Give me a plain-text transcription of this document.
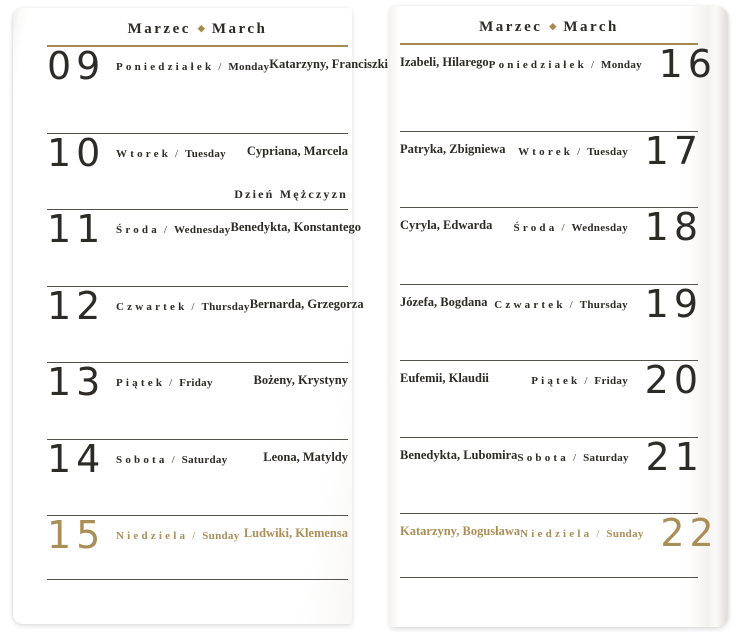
Marzec ◆ March
09 Poniedziałek / Monday Katarzyny, Franciszki
10 Wtorek / Tuesday	Cypriana, Marcela
Dzień Mężczyzn
11 Środa / Wednesday Benedykta, Konstantego
12 Czwartek / Thursday Bernarda, Grzegorza
13 Piątek / Friday	Bożeny, Krystyny
14 Sobota / Saturday	Leona, Matyldy
15 Niedziela / Sunday Ludwiki, Klemensa
Marzec ◆ March
Izabeli, Hilarego Poniedziałek / Monday 16
Patryka, Zbigniewa	Wtorek / Tuesday 17
Cyryla, Edwarda	Środa / Wednesday 18
Józefa, Bogdana Czwartek / Thursday 19
Eufemii, Klaudii	Piątek / Friday 20
Benedykta, Lubomira Sobota / Saturday 21
Katarzyny, Bogusława Niedziela / Sunday 22
